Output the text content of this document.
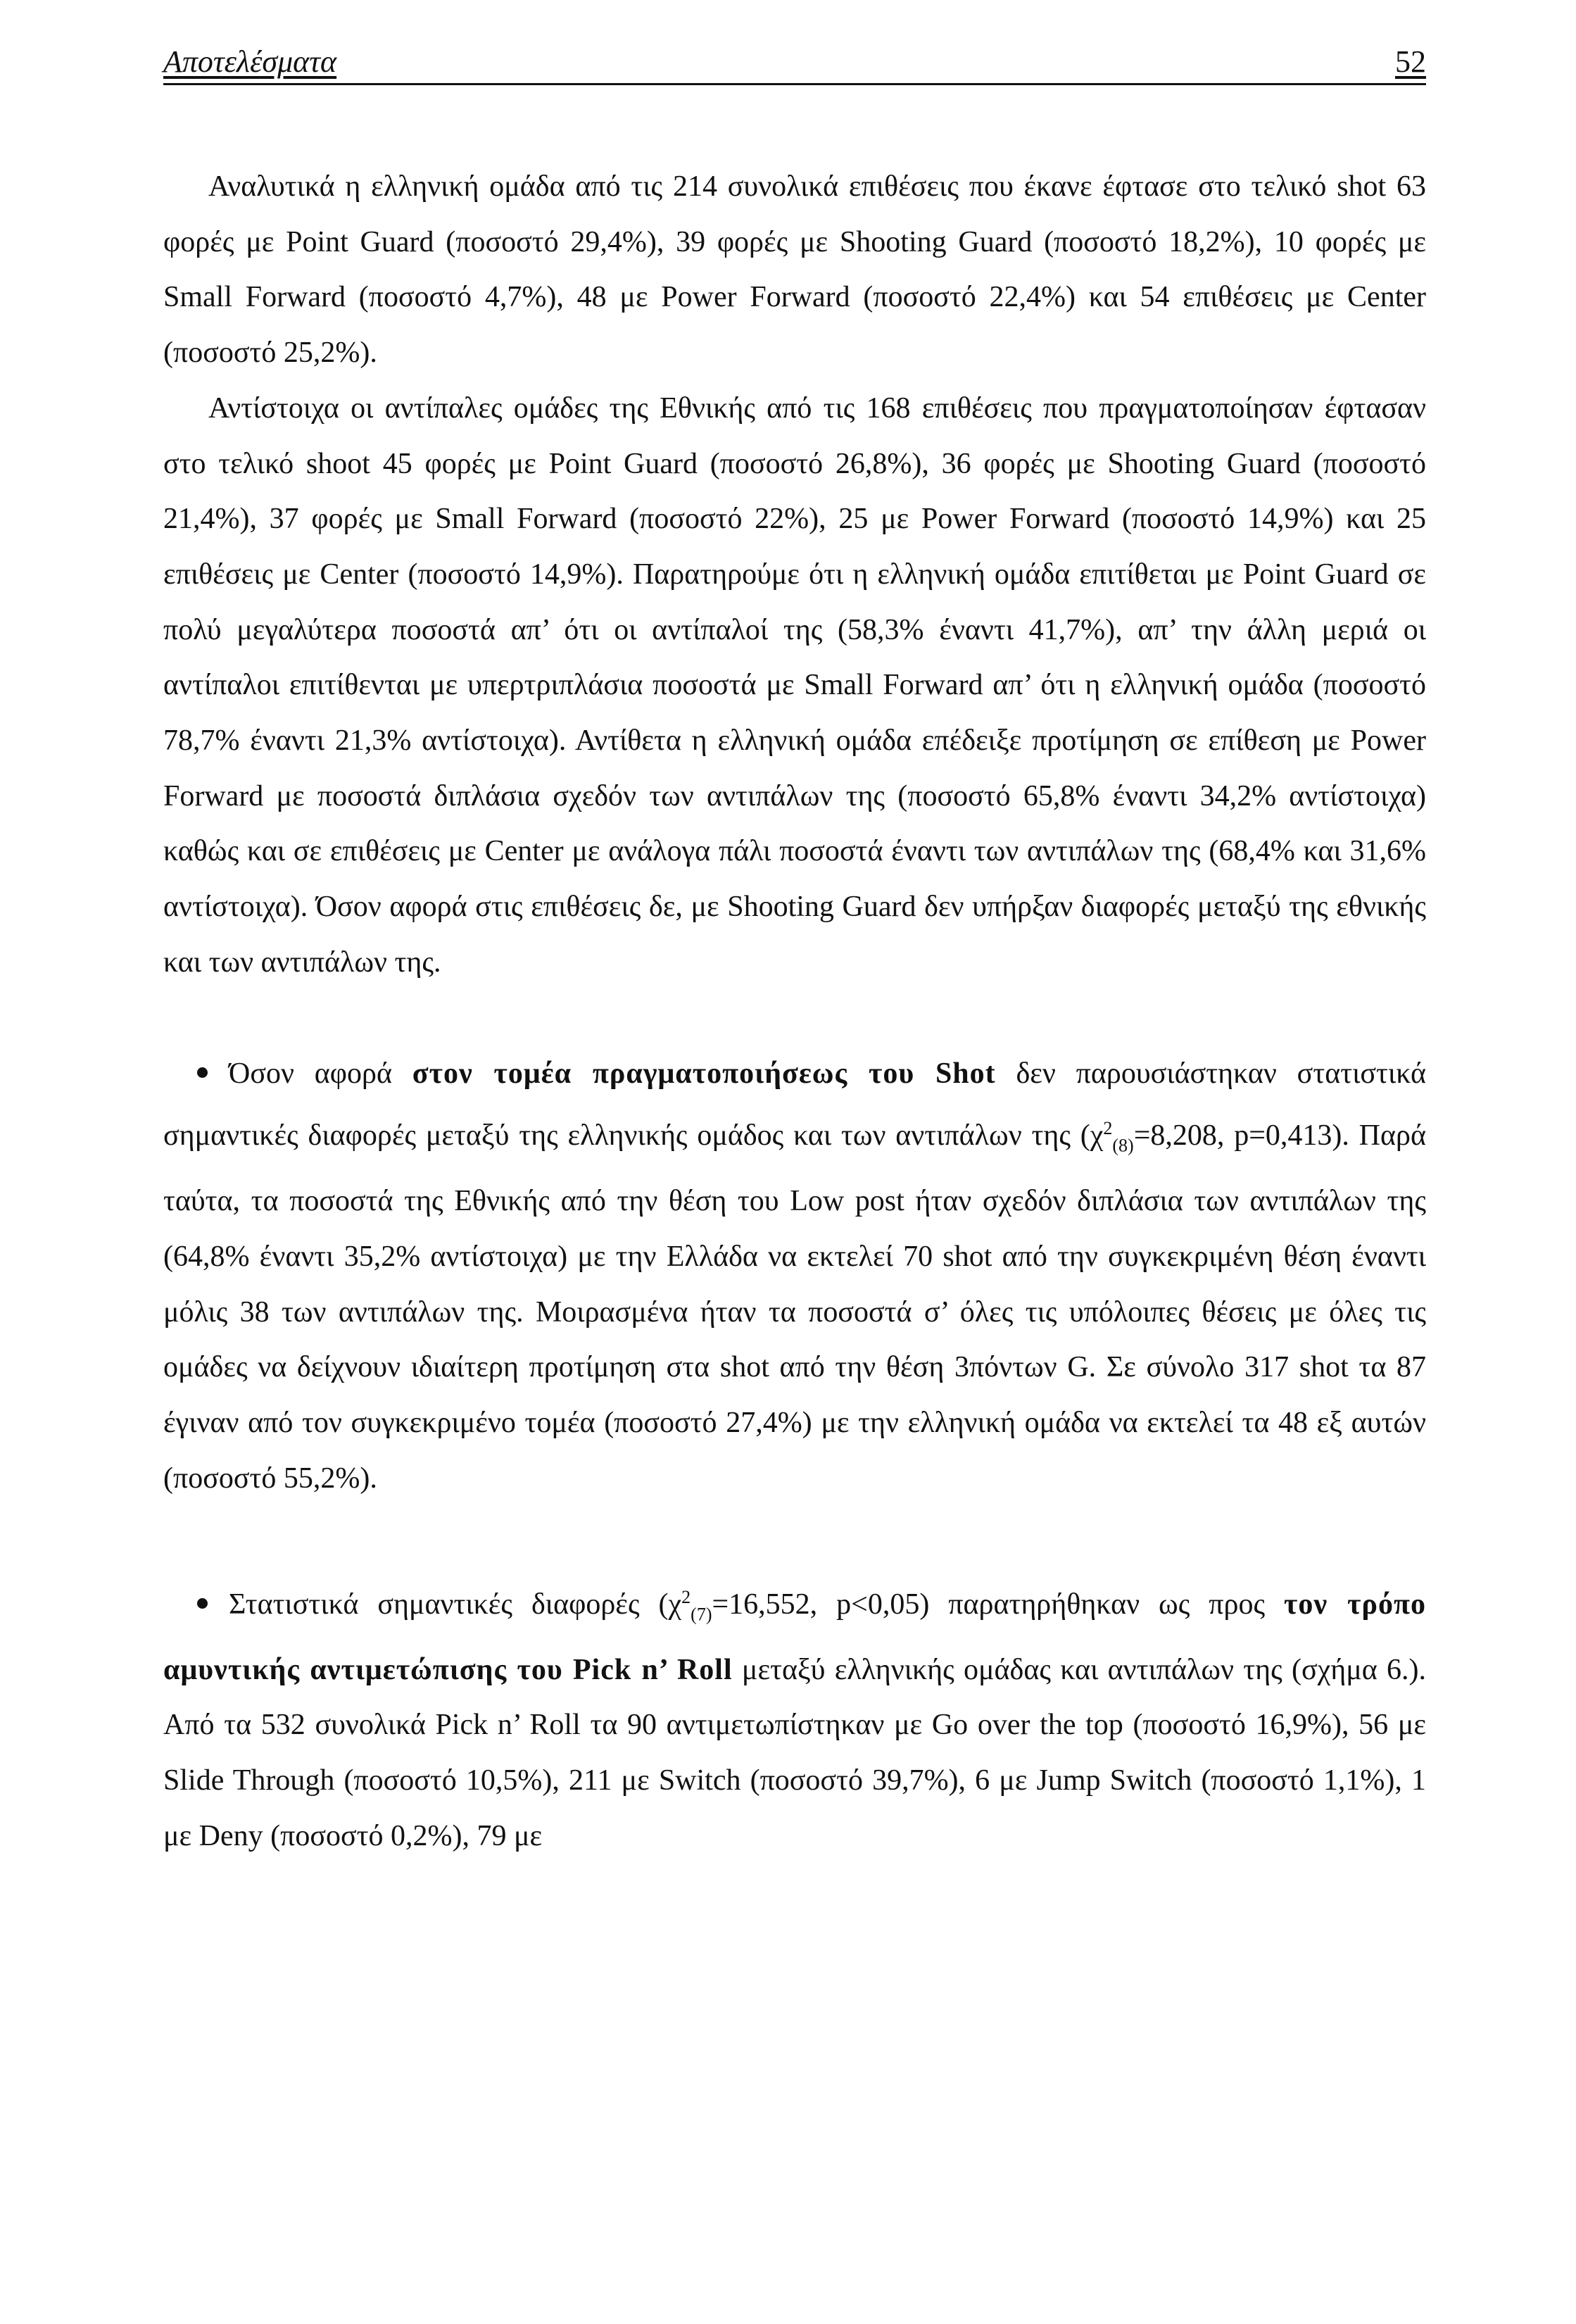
Αποτελέσματα	52

Αναλυτικά η ελληνική ομάδα από τις 214 συνολικά επιθέσεις που έκανε έφτασε στο τελικό shot 63 φορές με Point Guard (ποσοστό 29,4%), 39 φορές με Shooting Guard (ποσοστό 18,2%), 10 φορές με Small Forward (ποσοστό 4,7%), 48 με Power Forward (ποσοστό 22,4%) και 54 επιθέσεις με Center (ποσοστό 25,2%).

Αντίστοιχα οι αντίπαλες ομάδες της Εθνικής από τις 168 επιθέσεις που πραγματοποίησαν έφτασαν στο τελικό shoot 45 φορές με Point Guard (ποσοστό 26,8%), 36 φορές με Shooting Guard (ποσοστό 21,4%), 37 φορές με Small Forward (ποσοστό 22%), 25 με Power Forward (ποσοστό 14,9%) και 25 επιθέσεις με Center (ποσοστό 14,9%). Παρατηρούμε ότι η ελληνική ομάδα επιτίθεται με Point Guard σε πολύ μεγαλύτερα ποσοστά απ’ ότι οι αντίπαλοί της (58,3% έναντι 41,7%), απ’ την άλλη μεριά οι αντίπαλοι επιτίθενται με υπερτριπλάσια ποσοστά με Small Forward απ’ ότι η ελληνική ομάδα (ποσοστό 78,7% έναντι 21,3% αντίστοιχα). Αντίθετα η ελληνική ομάδα επέδειξε προτίμηση σε επίθεση με Power Forward με ποσοστά διπλάσια σχεδόν των αντιπάλων της (ποσοστό 65,8% έναντι 34,2% αντίστοιχα) καθώς και σε επιθέσεις με Center με ανάλογα πάλι ποσοστά έναντι των αντιπάλων της (68,4% και 31,6% αντίστοιχα). Όσον αφορά στις επιθέσεις δε, με Shooting Guard δεν υπήρξαν διαφορές μεταξύ της εθνικής και των αντιπάλων της.

Όσον αφορά στον τομέα πραγματοποιήσεως του Shot δεν παρουσιάστηκαν στατιστικά σημαντικές διαφορές μεταξύ της ελληνικής ομάδος και των αντιπάλων της ($\chi^2_{(8)}=8,208$, p=0,413). Παρά ταύτα, τα ποσοστά της Εθνικής από την θέση του Low post ήταν σχεδόν διπλάσια των αντιπάλων της (64,8% έναντι 35,2% αντίστοιχα) με την Ελλάδα να εκτελεί 70 shot από την συγκεκριμένη θέση έναντι μόλις 38 των αντιπάλων της. Μοιρασμένα ήταν τα ποσοστά σ’ όλες τις υπόλοιπες θέσεις με όλες τις ομάδες να δείχνουν ιδιαίτερη προτίμηση στα shot από την θέση 3πόντων G. Σε σύνολο 317 shot τα 87 έγιναν από τον συγκεκριμένο τομέα (ποσοστό 27,4%) με την ελληνική ομάδα να εκτελεί τα 48 εξ αυτών (ποσοστό 55,2%).

Στατιστικά σημαντικές διαφορές ($\chi^2_{(7)}=16,552$, p<0,05) παρατηρήθηκαν ως προς τον τρόπο αμυντικής αντιμετώπισης του Pick n’ Roll μεταξύ ελληνικής ομάδας και αντιπάλων της (σχήμα 6.). Από τα 532 συνολικά Pick n’ Roll τα 90 αντιμετωπίστηκαν με Go over the top (ποσοστό 16,9%), 56 με Slide Through (ποσοστό 10,5%), 211 με Switch (ποσοστό 39,7%), 6 με Jump Switch (ποσοστό 1,1%), 1 με Deny (ποσοστό 0,2%), 79 με
